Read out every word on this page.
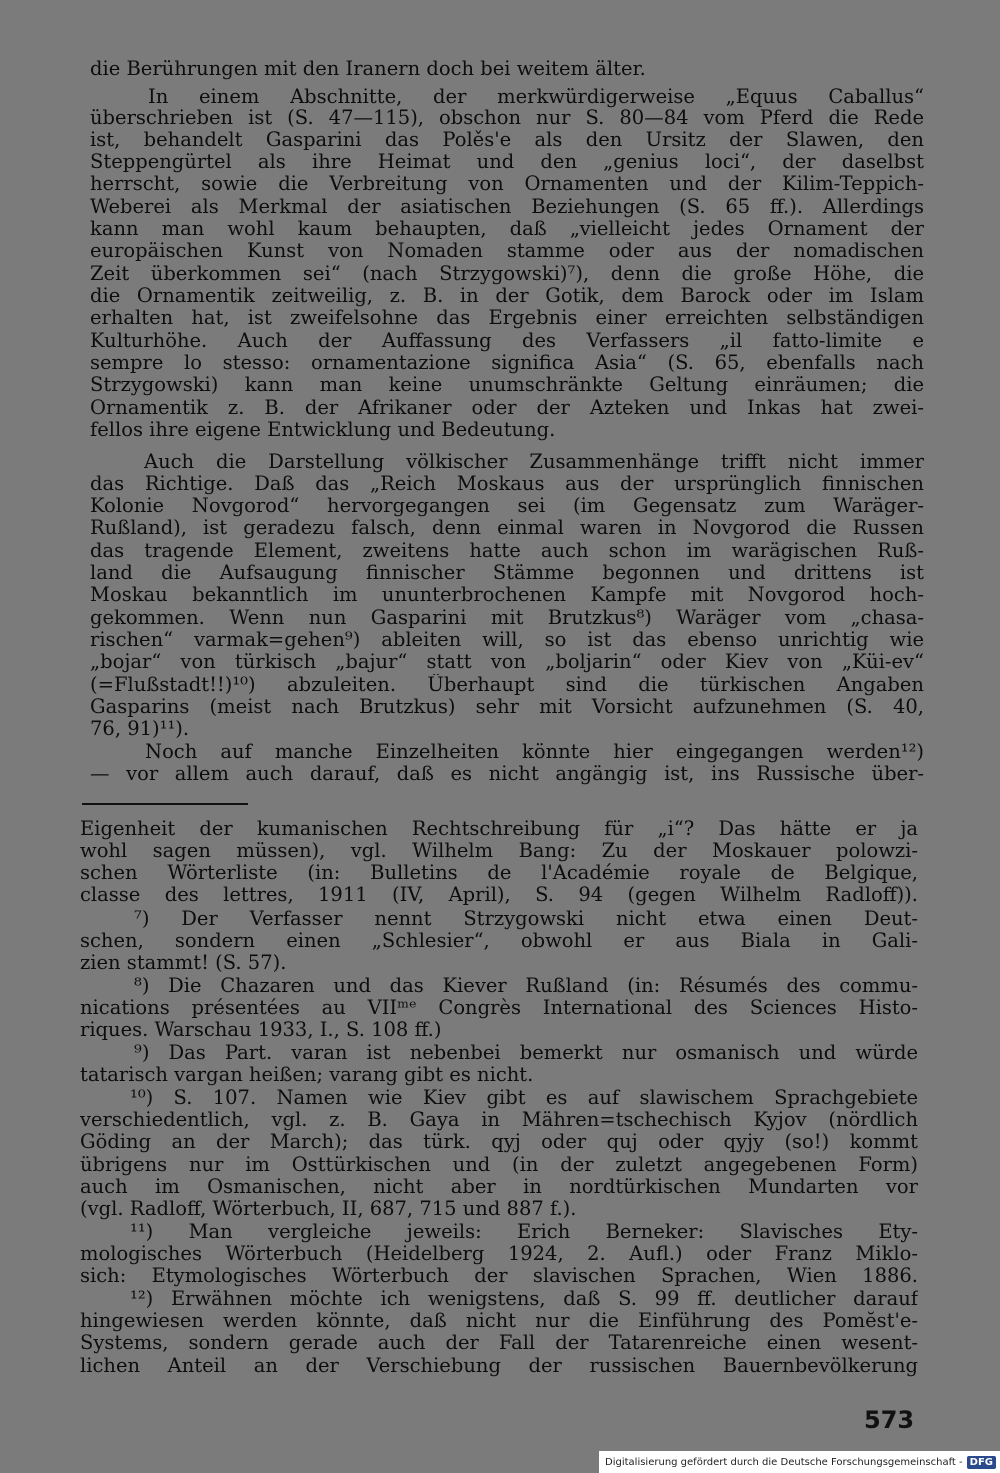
die Berührungen mit den Iranern doch bei weitem älter.
In einem Abschnitte, der merkwürdigerweise „Equus Caballus“
überschrieben ist (S. 47—115), obschon nur S. 80—84 vom Pferd die Rede
ist, behandelt Gasparini das Polěs'e als den Ursitz der Slawen, den
Steppengürtel als ihre Heimat und den „genius loci“, der daselbst
herrscht, sowie die Verbreitung von Ornamenten und der Kilim-Teppich-
Weberei als Merkmal der asiatischen Beziehungen (S. 65 ff.). Allerdings
kann man wohl kaum behaupten, daß „vielleicht jedes Ornament der
europäischen Kunst von Nomaden stamme oder aus der nomadischen
Zeit überkommen sei“ (nach Strzygowski)⁷), denn die große Höhe, die
die Ornamentik zeitweilig, z. B. in der Gotik, dem Barock oder im Islam
erhalten hat, ist zweifelsohne das Ergebnis einer erreichten selbständigen
Kulturhöhe. Auch der Auffassung des Verfassers „il fatto-limite e
sempre lo stesso: ornamentazione significa Asia“ (S. 65, ebenfalls nach
Strzygowski) kann man keine unumschränkte Geltung einräumen; die
Ornamentik z. B. der Afrikaner oder der Azteken und Inkas hat zwei-
fellos ihre eigene Entwicklung und Bedeutung.
Auch die Darstellung völkischer Zusammenhänge trifft nicht immer
das Richtige. Daß das „Reich Moskaus aus der ursprünglich finnischen
Kolonie Novgorod“ hervorgegangen sei (im Gegensatz zum Waräger-
Rußland), ist geradezu falsch, denn einmal waren in Novgorod die Russen
das tragende Element, zweitens hatte auch schon im warägischen Ruß-
land die Aufsaugung finnischer Stämme begonnen und drittens ist
Moskau bekanntlich im ununterbrochenen Kampfe mit Novgorod hoch-
gekommen. Wenn nun Gasparini mit Brutzkus⁸) Waräger vom „chasa-
rischen“ varmak=gehen⁹) ableiten will, so ist das ebenso unrichtig wie
„bojar“ von türkisch „bajur“ statt von „boljarin“ oder Kiev von „Küi-ev“
(=Flußstadt!!)¹⁰) abzuleiten. Überhaupt sind die türkischen Angaben
Gasparins (meist nach Brutzkus) sehr mit Vorsicht aufzunehmen (S. 40,
76, 91)¹¹).
Noch auf manche Einzelheiten könnte hier eingegangen werden¹²)
— vor allem auch darauf, daß es nicht angängig ist, ins Russische über-
Eigenheit der kumanischen Rechtschreibung für „i“? Das hätte er ja
wohl sagen müssen), vgl. Wilhelm Bang: Zu der Moskauer polowzi-
schen Wörterliste (in: Bulletins de l'Académie royale de Belgique,
classe des lettres, 1911 (IV, April), S. 94 (gegen Wilhelm Radloff)).
⁷) Der Verfasser nennt Strzygowski nicht etwa einen Deut-
schen, sondern einen „Schlesier“, obwohl er aus Biala in Gali-
zien stammt! (S. 57).
⁸) Die Chazaren und das Kiever Rußland (in: Résumés des commu-
nications présentées au VIIᵐᵉ Congrès International des Sciences Histo-
riques. Warschau 1933, I., S. 108 ff.)
⁹) Das Part. varan ist nebenbei bemerkt nur osmanisch und würde
tatarisch vargan heißen; varang gibt es nicht.
¹⁰) S. 107. Namen wie Kiev gibt es auf slawischem Sprachgebiete
verschiedentlich, vgl. z. B. Gaya in Mähren=tschechisch Kyjov (nördlich
Göding an der March); das türk. qyj oder quj oder qyjy (so!) kommt
übrigens nur im Osttürkischen und (in der zuletzt angegebenen Form)
auch im Osmanischen, nicht aber in nordtürkischen Mundarten vor
(vgl. Radloff, Wörterbuch, II, 687, 715 und 887 f.).
¹¹) Man vergleiche jeweils: Erich Berneker: Slavisches Ety-
mologisches Wörterbuch (Heidelberg 1924, 2. Aufl.) oder Franz Miklo-
sich: Etymologisches Wörterbuch der slavischen Sprachen, Wien 1886.
¹²) Erwähnen möchte ich wenigstens, daß S. 99 ff. deutlicher darauf
hingewiesen werden könnte, daß nicht nur die Einführung des Pomĕst'e-
Systems, sondern gerade auch der Fall der Tatarenreiche einen wesent-
lichen Anteil an der Verschiebung der russischen Bauernbevölkerung
573
Digitalisierung gefördert durch die Deutsche Forschungsgemeinschaft - DFG
